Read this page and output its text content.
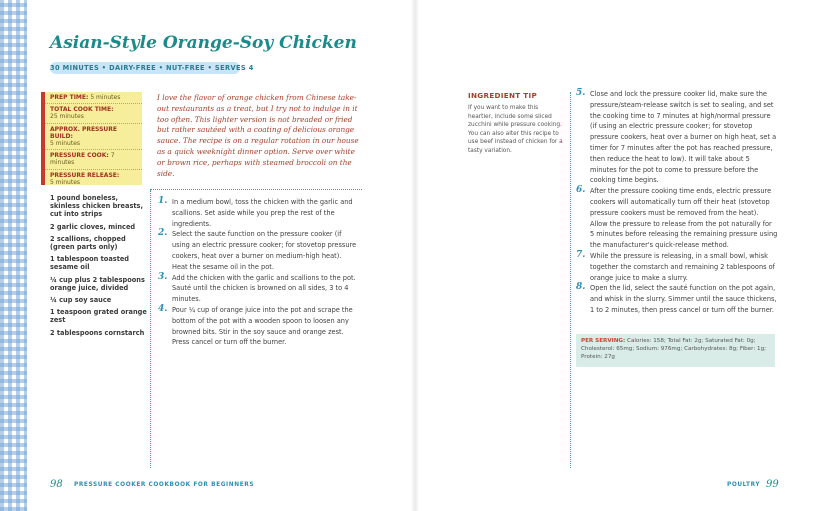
Asian-Style Orange-Soy Chicken
30 MINUTES • DAIRY-FREE • NUT-FREE • SERVES 4
PREP TIME: 5 minutes
TOTAL COOK TIME:
25 minutes
APPROX. PRESSURE BUILD:
5 minutes
PRESSURE COOK: 7 minutes
PRESSURE RELEASE:
5 minutes
1 pound boneless, skinless chicken breasts, cut into strips
2 garlic cloves, minced
2 scallions, chopped (green parts only)
1 tablespoon toasted sesame oil
¼ cup plus 2 tablespoons orange juice, divided
¼ cup soy sauce
1 teaspoon grated orange zest
2 tablespoons cornstarch

I love the flavor of orange chicken from Chinese take-out restaurants as a treat, but I try not to indulge in it too often. This lighter version is not breaded or fried but rather sautéed with a coating of delicious orange sauce. The recipe is on a regular rotation in our house as a quick weeknight dinner option. Serve over white or brown rice, perhaps with steamed broccoli on the side.

1. In a medium bowl, toss the chicken with the garlic and scallions. Set aside while you prep the rest of the ingredients.
2. Select the saute function on the pressure cooker (if using an electric pressure cooker; for stovetop pressure cookers, heat over a burner on medium-high heat). Heat the sesame oil in the pot.
3. Add the chicken with the garlic and scallions to the pot. Sauté until the chicken is browned on all sides, 3 to 4 minutes.
4. Pour ¼ cup of orange juice into the pot and scrape the bottom of the pot with a wooden spoon to loosen any browned bits. Stir in the soy sauce and orange zest. Press cancel or turn off the burner.
INGREDIENT TIP

If you want to make this heartier, include some sliced zucchini while pressure cooking. You can also alter this recipe to use beef instead of chicken for a tasty variation.

5. Close and lock the pressure cooker lid, make sure the pressure/steam-release switch is set to sealing, and set the cooking time to 7 minutes at high/normal pressure (if using an electric pressure cooker; for stovetop pressure cookers, heat over a burner on high heat, set a timer for 7 minutes after the pot has reached pressure, then reduce the heat to low). It will take about 5 minutes for the pot to come to pressure before the cooking time begins.
6. After the pressure cooking time ends, electric pressure cookers will automatically turn off their heat (stovetop pressure cookers must be removed from the heat). Allow the pressure to release from the pot naturally for 5 minutes before releasing the remaining pressure using the manufacturer's quick-release method.
7. While the pressure is releasing, in a small bowl, whisk together the cornstarch and remaining 2 tablespoons of orange juice to make a slurry.
8. Open the lid, select the sauté function on the pot again, and whisk in the slurry. Simmer until the sauce thickens, 1 to 2 minutes, then press cancel or turn off the burner.
PER SERVING: Calories: 158; Total Fat: 2g; Saturated Fat: 0g; Cholesterol: 65mg; Sodium: 976mg; Carbohydrates: 8g; Fiber: 1g; Protein: 27g
98 PRESSURE COOKER COOKBOOK FOR BEGINNERS	POULTRY 99
